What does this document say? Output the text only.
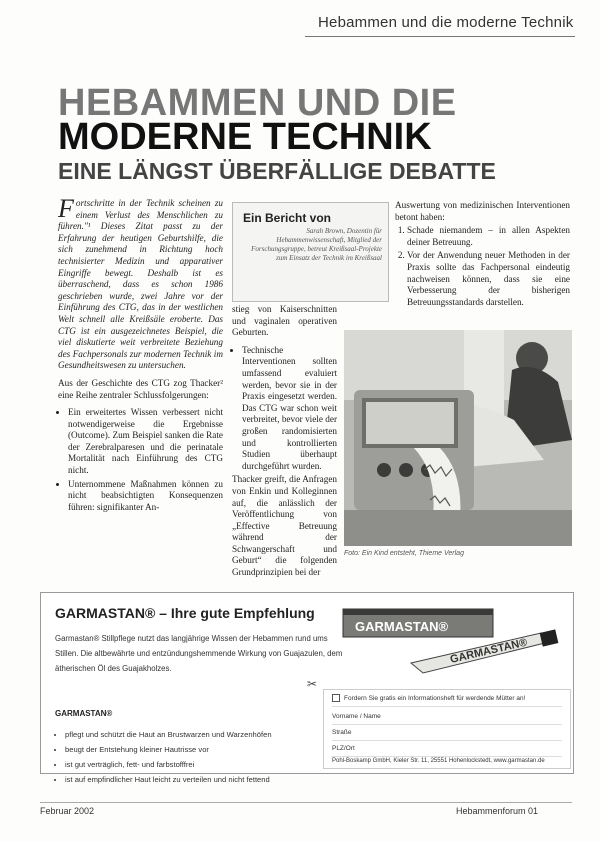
Hebammen und die moderne Technik
HEBAMMEN UND DIE
MODERNE TECHNIK
EINE LÄNGST ÜBERFÄLLIGE DEBATTE

Fortschritte in der Technik scheinen zu einem Verlust des Menschlichen zu führen."¹ Dieses Zitat passt zu der Erfahrung der heutigen Geburtshilfe, die sich zunehmend in Richtung hoch technisierter Medizin und apparativer Eingriffe bewegt. Deshalb ist es überraschend, dass es schon 1986 geschrieben wurde, zwei Jahre vor der Einführung des CTG, das in der westlichen Welt schnell alle Kreißsäle eroberte. Das CTG ist ein ausgezeichnetes Beispiel, die viel diskutierte weit verbreitete Beziehung des Fachpersonals zur modernen Technik im Gesundheitswesen zu untersuchen.

Aus der Geschichte des CTG zog Thacker² eine Reihe zentraler Schlussfolgerungen:

• Ein erweitertes Wissen verbessert nicht notwendigerweise die Ergebnisse (Outcome). Zum Beispiel sanken die Rate der Zerebralparesen und die perinatale Mortalität nach Einführung des CTG nicht.
• Unternommene Maßnahmen können zu nicht beabsichtigten Konsequenzen führen: signifikanter An-
Ein Bericht von
Sarah Brown, Dozentin für Hebammenwissenschaft, Mitglied der Forschungsgruppe, betreut Kreißsaal-Projekte zum Einsatz der Technik im Kreißsaal

stieg von Kaiserschnitten und vaginalen operativen Geburten.

• Technische Interventionen sollten umfassend evaluiert werden, bevor sie in der Praxis eingesetzt werden. Das CTG war schon weit verbreitet, bevor viele der großen randomisierten und kontrollierten Studien überhaupt durchgeführt wurden.

Thacker greift, die Anfragen von Enkin und Kolleginnen auf, die anlässlich der Veröffentlichung von „Effective Betreuung während der Schwangerschaft und Geburt“ die folgenden Grundprinzipien bei der

Auswertung von medizinischen Interventionen betont haben:
1. Schade niemandem – in allen Aspekten deiner Betreuung.
2. Vor der Anwendung neuer Methoden in der Praxis sollte das Fachpersonal eindeutig nachweisen können, dass sie eine Verbesserung der bisherigen Betreuungsstandards darstellen.
Foto: Ein Kind entsteht, Thieme Verlag
GARMASTAN® – Ihre gute Empfehlung
Garmastan® Stillpflege nutzt das langjährige Wissen der Hebammen rund ums Stillen. Die altbewährte und entzündungshemmende Wirkung von Guajazulen, dem ätherischen Öl des Guajakholzes.
GARMASTAN®
• pflegt und schützt die Haut an Brustwarzen und Warzenhöfen
• beugt der Entstehung kleiner Hautrisse vor
• ist gut verträglich, fett- und farbstofffrei
• ist auf empfindlicher Haut leicht zu verteilen und nicht fettend
GARMASTAN®
GARMASTAN®
✂
Fordern Sie gratis ein Informationsheft für werdende Mütter an!
Vorname / Name
Straße
PLZ/Ort
Pohl-Boskamp GmbH, Kieler Str. 11, 25551 Hohenlockstedt, www.garmastan.de
Februar 2002	Hebammenforum 01
